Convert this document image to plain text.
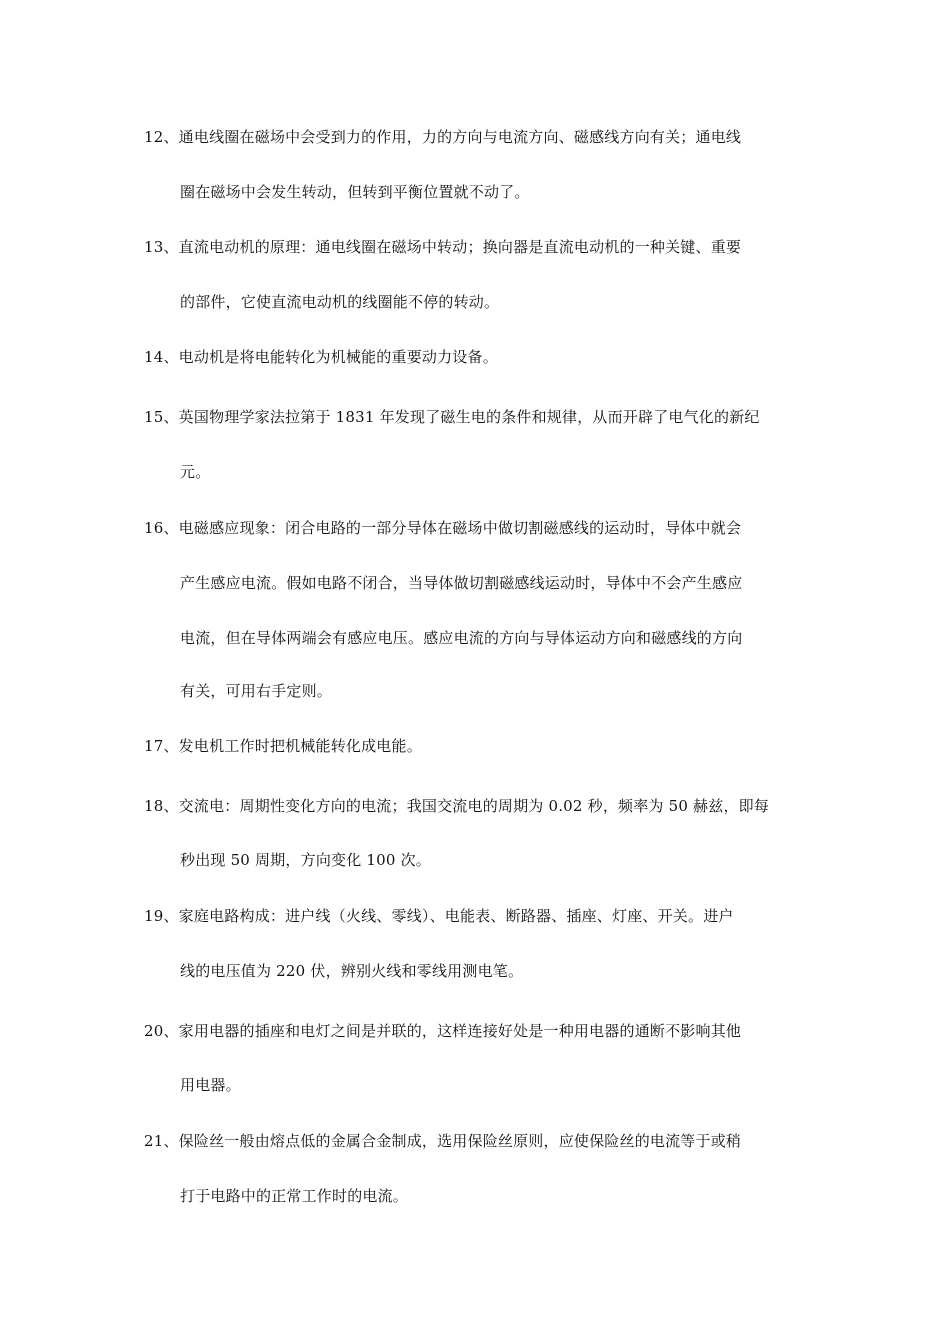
12、通电线圈在磁场中会受到力的作用，力的方向与电流方向、磁感线方向有关；通电线
圈在磁场中会发生转动，但转到平衡位置就不动了。
13、直流电动机的原理：通电线圈在磁场中转动；换向器是直流电动机的一种关键、重要
的部件，它使直流电动机的线圈能不停的转动。
14、电动机是将电能转化为机械能的重要动力设备。
15、英国物理学家法拉第于 1831 年发现了磁生电的条件和规律，从而开辟了电气化的新纪
元。
16、电磁感应现象：闭合电路的一部分导体在磁场中做切割磁感线的运动时，导体中就会
产生感应电流。假如电路不闭合，当导体做切割磁感线运动时，导体中不会产生感应
电流，但在导体两端会有感应电压。感应电流的方向与导体运动方向和磁感线的方向
有关，可用右手定则。
17、发电机工作时把机械能转化成电能。
18、交流电：周期性变化方向的电流；我国交流电的周期为 0.02 秒，频率为 50 赫兹，即每
秒出现 50 周期，方向变化 100 次。
19、家庭电路构成：进户线（火线、零线）、电能表、断路器、插座、灯座、开关。进户
线的电压值为 220 伏，辨别火线和零线用测电笔。
20、家用电器的插座和电灯之间是并联的，这样连接好处是一种用电器的通断不影响其他
用电器。
21、保险丝一般由熔点低的金属合金制成，选用保险丝原则，应使保险丝的电流等于或稍
打于电路中的正常工作时的电流。
